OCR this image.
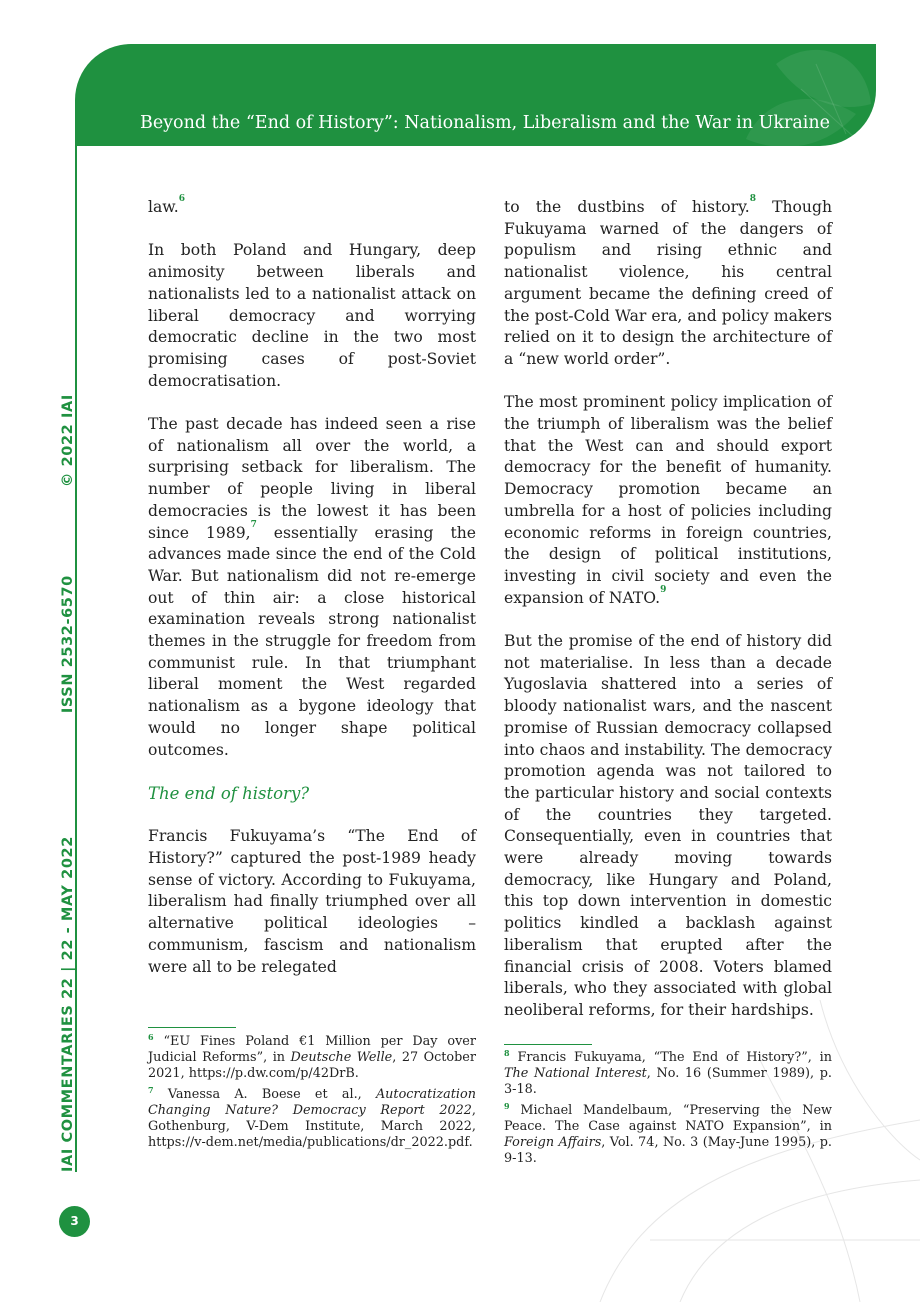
Beyond the “End of History”: Nationalism, Liberalism and the War in Ukraine
IAI COMMENTARIES 22 | 22 - MAY 2022ISSN 2532-6570© 2022 IAI
3

law.$^6$

In both Poland and Hungary, deep animosity between liberals and nationalists led to a nationalist attack on liberal democracy and worrying democratic decline in the two most promising cases of post-Soviet democratisation.

The past decade has indeed seen a rise of nationalism all over the world, a surprising setback for liberalism. The number of people living in liberal democracies is the lowest it has been since 1989,$^7$ essentially erasing the advances made since the end of the Cold War. But nationalism did not re-emerge out of thin air: a close historical examination reveals strong nationalist themes in the struggle for freedom from communist rule. In that triumphant liberal moment the West regarded nationalism as a bygone ideology that would no longer shape political outcomes.

The end of history?

Francis Fukuyama’s “The End of History?” captured the post-1989 heady sense of victory. According to Fukuyama, liberalism had finally triumphed over all alternative political ideologies – communism, fascism and nationalism were all to be relegated

to the dustbins of history.$^8$ Though Fukuyama warned of the dangers of populism and rising ethnic and nationalist violence, his central argument became the defining creed of the post-Cold War era, and policy makers relied on it to design the architecture of a “new world order”.

The most prominent policy implication of the triumph of liberalism was the belief that the West can and should export democracy for the benefit of humanity. Democracy promotion became an umbrella for a host of policies including economic reforms in foreign countries, the design of political institutions, investing in civil society and even the expansion of NATO.$^9$

But the promise of the end of history did not materialise. In less than a decade Yugoslavia shattered into a series of bloody nationalist wars, and the nascent promise of Russian democracy collapsed into chaos and instability. The democracy promotion agenda was not tailored to the particular history and social contexts of the countries they targeted. Consequentially, even in countries that were already moving towards democracy, like Hungary and Poland, this top down intervention in domestic politics kindled a backlash against liberalism that erupted after the financial crisis of 2008. Voters blamed liberals, who they associated with global neoliberal reforms, for their hardships.

$^6$ “EU Fines Poland €1 Million per Day over Judicial Reforms”, in Deutsche Welle, 27 October 2021, https://p.dw.com/p/42DrB.
$^7$ Vanessa A. Boese et al., Autocratization Changing Nature? Democracy Report 2022, Gothenburg, V-Dem Institute, March 2022, https://v-dem.net/media/publications/dr_2022.pdf.
$^8$ Francis Fukuyama, “The End of History?”, in The National Interest, No. 16 (Summer 1989), p. 3-18.
$^9$ Michael Mandelbaum, “Preserving the New Peace. The Case against NATO Expansion”, in Foreign Affairs, Vol. 74, No. 3 (May-June 1995), p. 9-13.
